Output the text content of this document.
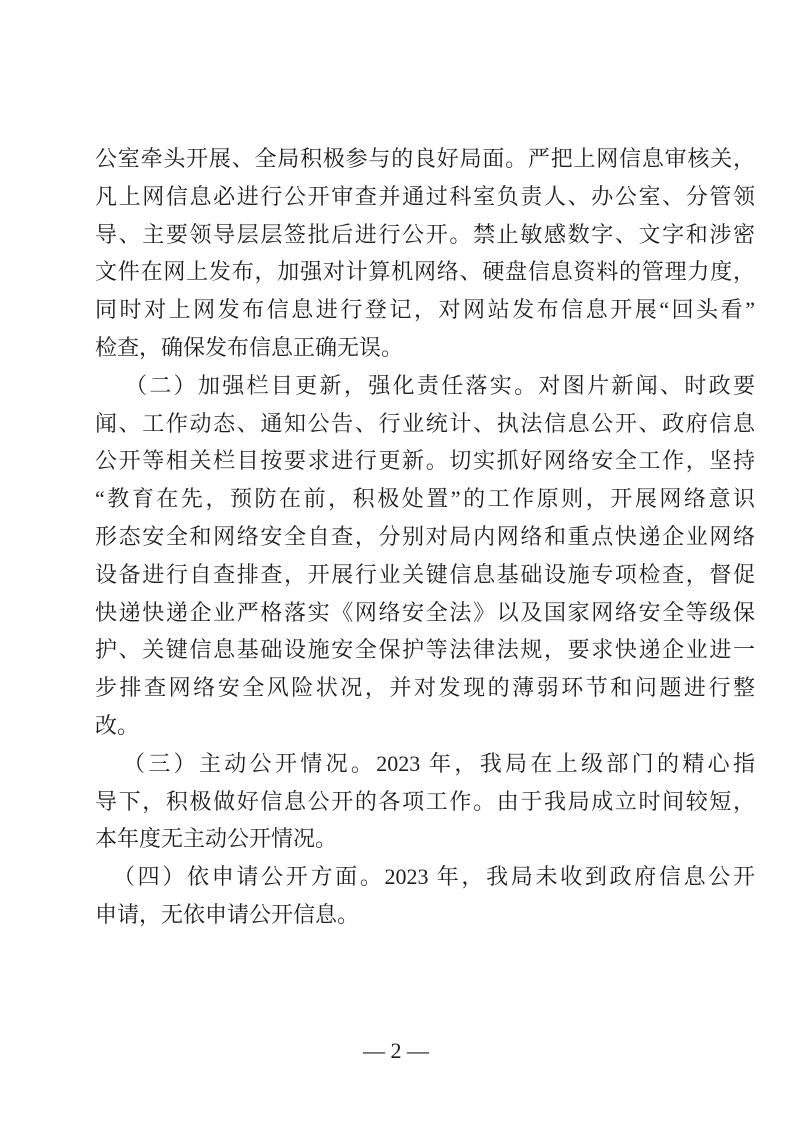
公室牵头开展、全局积极参与的良好局面。严把上网信息审核关，
凡上网信息必进行公开审查并通过科室负责人、办公室、分管领
导、主要领导层层签批后进行公开。禁止敏感数字、文字和涉密
文件在网上发布，加强对计算机网络、硬盘信息资料的管理力度，
同时对上网发布信息进行登记，对网站发布信息开展“回头看”
检查，确保发布信息正确无误。
（二）加强栏目更新，强化责任落实。对图片新闻、时政要
闻、工作动态、通知公告、行业统计、执法信息公开、政府信息
公开等相关栏目按要求进行更新。切实抓好网络安全工作，坚持
“教育在先，预防在前，积极处置”的工作原则，开展网络意识
形态安全和网络安全自查，分别对局内网络和重点快递企业网络
设备进行自查排查，开展行业关键信息基础设施专项检查，督促
快递快递企业严格落实《网络安全法》以及国家网络安全等级保
护、关键信息基础设施安全保护等法律法规，要求快递企业进一
步排查网络安全风险状况，并对发现的薄弱环节和问题进行整
改。
（三）主动公开情况。2023 年，我局在上级部门的精心指
导下，积极做好信息公开的各项工作。由于我局成立时间较短，
本年度无主动公开情况。
（四）依申请公开方面。2023 年，我局未收到政府信息公开
申请，无依申请公开信息。
— 2 —
